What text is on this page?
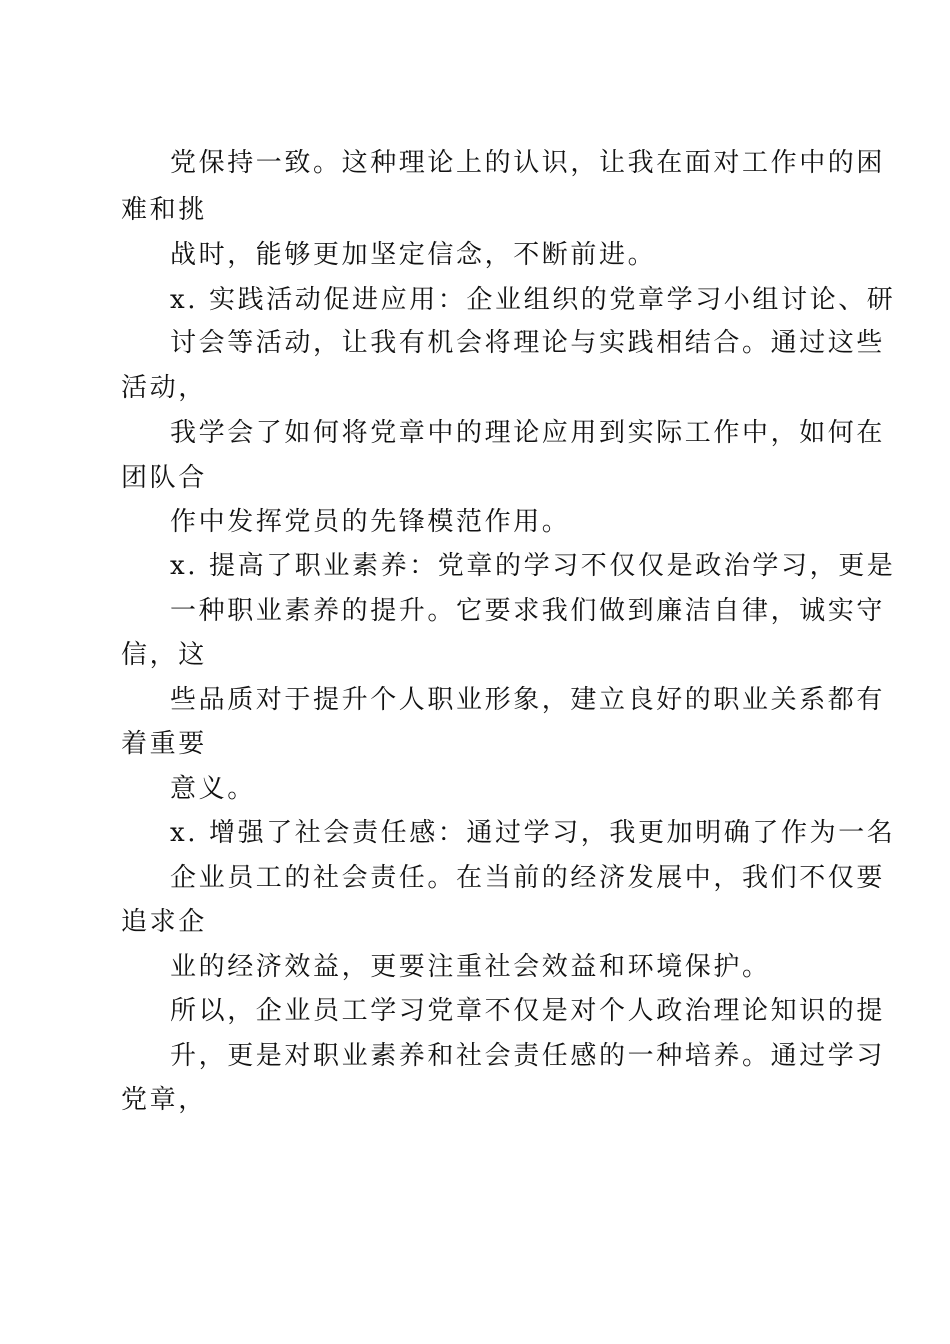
党保持一致。这种理论上的认识，让我在面对工作中的困
难和挑
战时，能够更加坚定信念，不断前进。
x. 实践活动促进应用：企业组织的党章学习小组讨论、研
讨会等活动，让我有机会将理论与实践相结合。通过这些
活动，
我学会了如何将党章中的理论应用到实际工作中，如何在
团队合
作中发挥党员的先锋模范作用。
x. 提高了职业素养：党章的学习不仅仅是政治学习，更是
一种职业素养的提升。它要求我们做到廉洁自律，诚实守
信，这
些品质对于提升个人职业形象，建立良好的职业关系都有
着重要
意义。
x. 增强了社会责任感：通过学习，我更加明确了作为一名
企业员工的社会责任。在当前的经济发展中，我们不仅要
追求企
业的经济效益，更要注重社会效益和环境保护。
所以，企业员工学习党章不仅是对个人政治理论知识的提
升，更是对职业素养和社会责任感的一种培养。通过学习
党章，
